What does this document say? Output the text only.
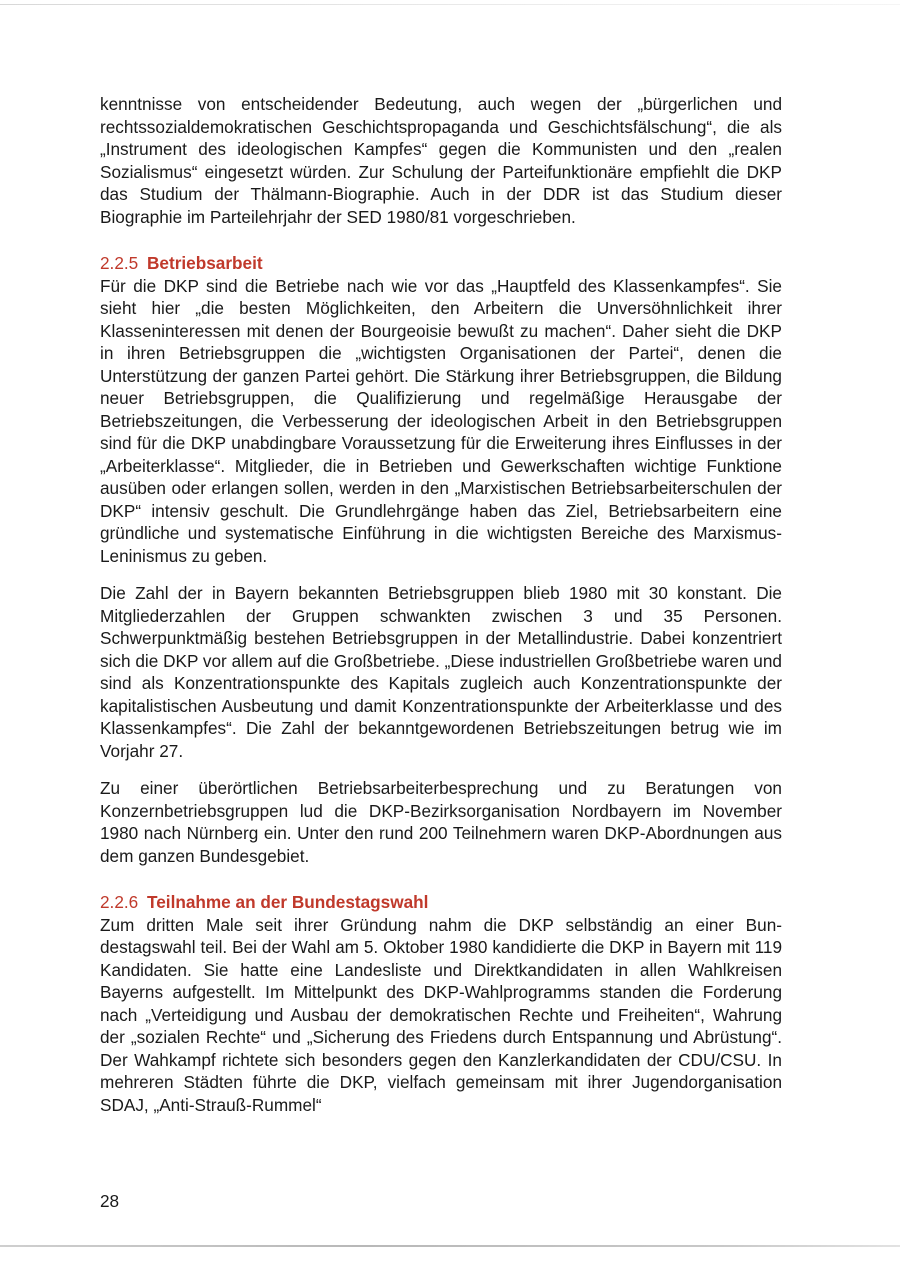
kenntnisse von entscheidender Bedeutung, auch wegen der „bürgerlichen und rechtssozialdemokratischen Geschichtspropaganda und Geschichtsfälschung“, die als „Instrument des ideologischen Kampfes“ gegen die Kommunisten und den „realen Sozialismus“ eingesetzt würden. Zur Schulung der Parteifunktionäre empfiehlt die DKP das Studium der Thälmann-Biographie. Auch in der DDR ist das Studium dieser Biographie im Parteilehrjahr der SED 1980/81 vorgeschrieben.

2.2.5 Betriebsarbeit

Für die DKP sind die Betriebe nach wie vor das „Hauptfeld des Klassenkampfes“. Sie sieht hier „die besten Möglichkeiten, den Arbeitern die Unversöhnlichkeit ihrer Klasseninteressen mit denen der Bourgeoisie bewußt zu machen“. Daher sieht die DKP in ihren Betriebsgruppen die „wichtigsten Organisationen der Partei“, denen die Unterstützung der ganzen Partei gehört. Die Stärkung ihrer Betriebsgruppen, die Bildung neuer Betriebsgruppen, die Qualifizierung und regelmäßige Herausgabe der Betriebszeitungen, die Verbesserung der ideologischen Arbeit in den Betriebsgruppen sind für die DKP unabdingbare Voraussetzung für die Erweiterung ihres Einflusses in der „Arbeiterklasse“. Mitglieder, die in Betrieben und Gewerkschaften wichtige Funktione ausüben oder erlangen sollen, werden in den „Marxistischen Betriebsarbeiterschulen der DKP“ intensiv geschult. Die Grundlehrgänge haben das Ziel, Betriebsarbeitern eine gründliche und systematische Einführung in die wichtigsten Bereiche des Marxismus-Leninismus zu geben.

Die Zahl der in Bayern bekannten Betriebsgruppen blieb 1980 mit 30 konstant. Die Mitgliederzahlen der Gruppen schwankten zwischen 3 und 35 Personen. Schwerpunktmäßig bestehen Betriebsgruppen in der Metallindustrie. Dabei konzentriert sich die DKP vor allem auf die Großbetriebe. „Diese industriellen Großbetriebe waren und sind als Konzentrationspunkte des Kapitals zugleich auch Konzentrationspunkte der kapitalistischen Ausbeutung und damit Konzentrationspunkte der Arbeiterklasse und des Klassenkampfes“. Die Zahl der bekanntgewordenen Betriebszeitungen betrug wie im Vorjahr 27.

Zu einer überörtlichen Betriebsarbeiterbesprechung und zu Beratungen von Konzernbetriebsgruppen lud die DKP-Bezirksorganisation Nordbayern im November 1980 nach Nürnberg ein. Unter den rund 200 Teilnehmern waren DKP-Abordnungen aus dem ganzen Bundesgebiet.

2.2.6 Teilnahme an der Bundestagswahl

Zum dritten Male seit ihrer Gründung nahm die DKP selbständig an einer Bundestagswahl teil. Bei der Wahl am 5. Oktober 1980 kandidierte die DKP in Bayern mit 119 Kandidaten. Sie hatte eine Landesliste und Direktkandidaten in allen Wahlkreisen Bayerns aufgestellt. Im Mittelpunkt des DKP-Wahlprogramms standen die Forderung nach „Verteidigung und Ausbau der demokratischen Rechte und Freiheiten“, Wahrung der „sozialen Rechte“ und „Sicherung des Friedens durch Entspannung und Abrüstung“. Der Wahkampf richtete sich besonders gegen den Kanzlerkandidaten der CDU/CSU. In mehreren Städten führte die DKP, vielfach gemeinsam mit ihrer Jugendorganisation SDAJ, „Anti-Strauß-Rummel“

28
